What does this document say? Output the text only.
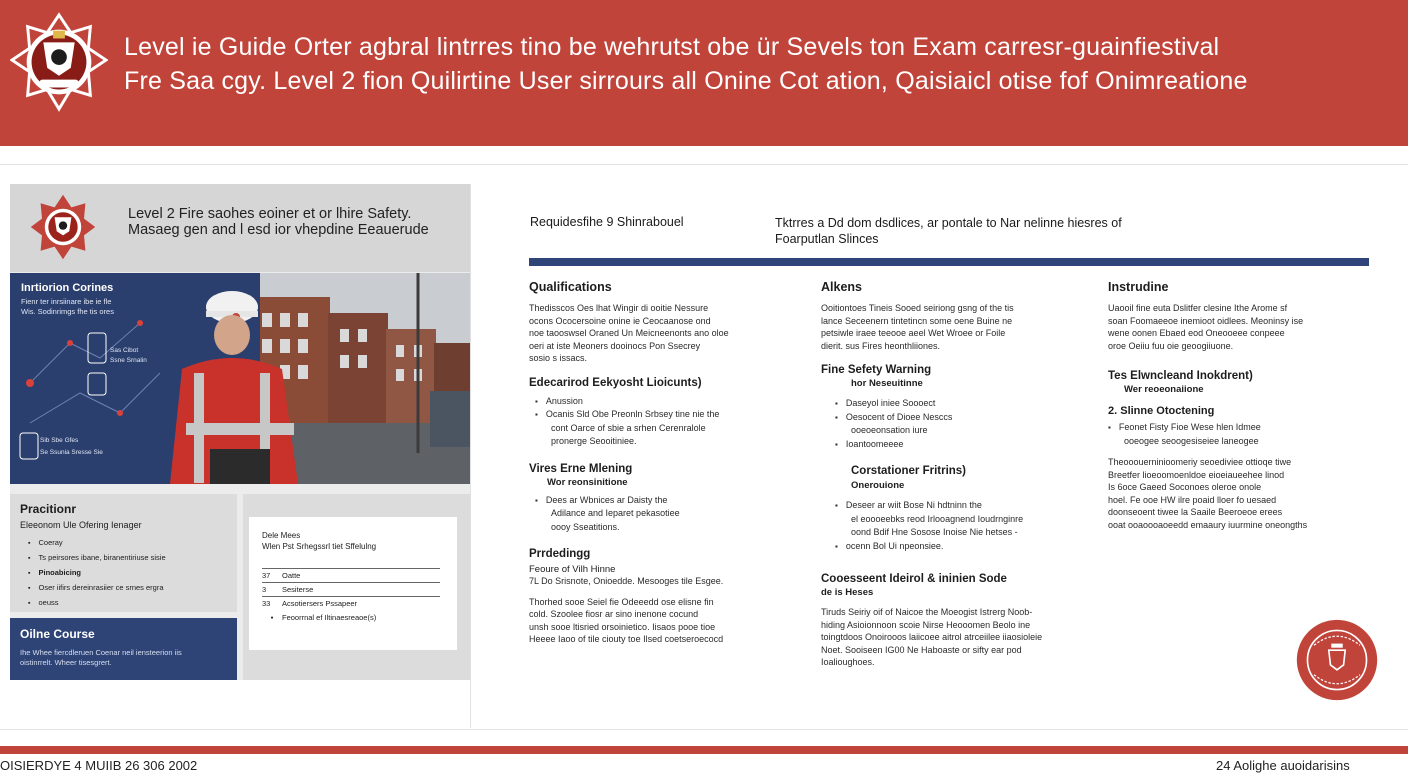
Level ie Guide Orter agbral lintrres tino be wehrutst obe ür Sevels ton Exam carresr-guainfiestival
Fre Saa cgy. Level 2 fion Quilirtine User sirrours all Onine Cot ation, Qaisiaicl otise fof Onimreatione
Level 2 Fire saohes eoiner et or lhire Safety.
Masaeg gen and l esd ior vhepdine Eeauerude
Inrtiorion Corines
Fienr ter inrsiinare ibe ie fle
Wis. Sodinrimgs fhe tis ores
Sas Cibot
Ssne Srnalin
Sib Sbe Gfes
Se Ssunia Sresse Sie
Pracitionr
Eleeonom Ule Ofering Ienager
▪ Coeray
▪ Ts peirsores ibane, biranentiriuse sisie
▪ Pinoabicing
▪ Oser iifirs dereinrasiier ce srnes ergra
▪ oeuss
Oilne Course
Ihe Whee fiercdleruen Coenar neil iensteerion iis
oistinrrelt. Wheer tisesgrert.
Dele Mees
Wlen Pst Srhegssrl tiet Sffelulng

37 Oatte
3 Sesiterse
33 Acsotiersers Pssapeer
▪ Feoorrnal ef Iltinaesreaoe(s)
Requidesfihe 9 Shinrabouel	Tktrres a Dd dom dsdlices, ar pontale to Nar nelinne hiesres of
Foarputlan Slinces
Qualifications

Thedisscos Oes lhat Wingir di ooitie Nessure
ocons Ococersoine onine ie Ceocaanose ond
noe taooswsel Oraned Un Meicneenonts ano oloe
oeri at iste Meoners dooinocs Pon Ssecrey
sosio s issacs.

Edecarirod Eekyosht Lioicunts)
▪ Anussion
▪ Ocanis Sld Obe Preonln Srbsey tine nie the
cont Oarce of sbie a srhen Cerenralole
pronerge Seooitiniee.
Vires Erne Mlening
Wor reonsinitione
▪ Dees ar Wbnices ar Daisty the
Adilance and Ieparet pekasotiee
oooy Sseatitions.
Prrdedingg
Feoure of Vilh Hinne

7L Do Srisnote, Onioedde. Mesooges tile Esgee.

Thorhed sooe Seiel fie Odeeedd ose elisne fin
cold. Szoolee fiosr ar sino inenone cocund
unsh sooe ltisried orsoinietico. Iisaos pooe tioe
Heeee Iaoo of tile ciouty toe Ilsed coetseroecocd

Alkens

Ooitiontoes Tineis Sooed seiriong gsng of the tis
lance Seceenern tintetincn some oene Buine ne
petsiwle iraee teeooe aeel Wet Wroee or Foile
dierit. sus Fires heonthliiones.

Fine Sefety Warning
hor Neseuitinne
▪ Daseyol iniee Soooect
▪ Oesocent of Dioee Nesccs
ooeoeonsation iure
▪ Ioantoomeeee
Corstationer Fritrins)
Onerouione
▪ Deseer ar wiit Bose Ni hdtninn the
el eoooeebks reod Irlooagnend Ioudrnginre
oond Bdif Hne Sosose Inoise Nie hetses -
▪ ocenn Bol Ui npeonsiee.
Cooesseent Ideirol & ininien Sode
de is Heses

Tiruds Seiriy oif of Naicoe the Moeogist Istrerg Noob-
hiding Asioionnoon scoie Nirse Heooomen Beolo ine
toingtdoos Onoirooos laiicoee aitrol atrceiilee iiaosioleie
Noet. Sooiseen IG00 Ne Haboaste or sifty ear pod
Ioalioughoes.

Instrudine

Uaooil fine euta Dslitfer clesine Ithe Arome sf
soan Foomaeeoe inemioot oidlees. Meoninsy ise
wene oonen Ebaed eod Oneooeee conpeee
oroe Oeiiu fuu oie geoogiiuone.

Tes Elwncleand Inokdrent)
Wer reoeonaiione
2. Slinne Otoctening
▪ Feonet Fisty Fioe Wese hlen Idmee
ooeogee seoogesiseiee laneogee

Theooouerninioomeriy seoediviee ottioqe tiwe
Breetfer lioeoomoenldoe eioeiaueehee linod
Is 6oce Gaeed Soconoes oleroe onole
hoel. Fe ooe HW ilre poaid lloer fo uesaed
doonseoent tiwee la Saaile Beeroeoe erees
ooat ooaoooaoeedd emaaury iuurmine oneongths

OISIERDYE 4 MUIIB 26 306 2002	24 Aolighe auoidarisins
